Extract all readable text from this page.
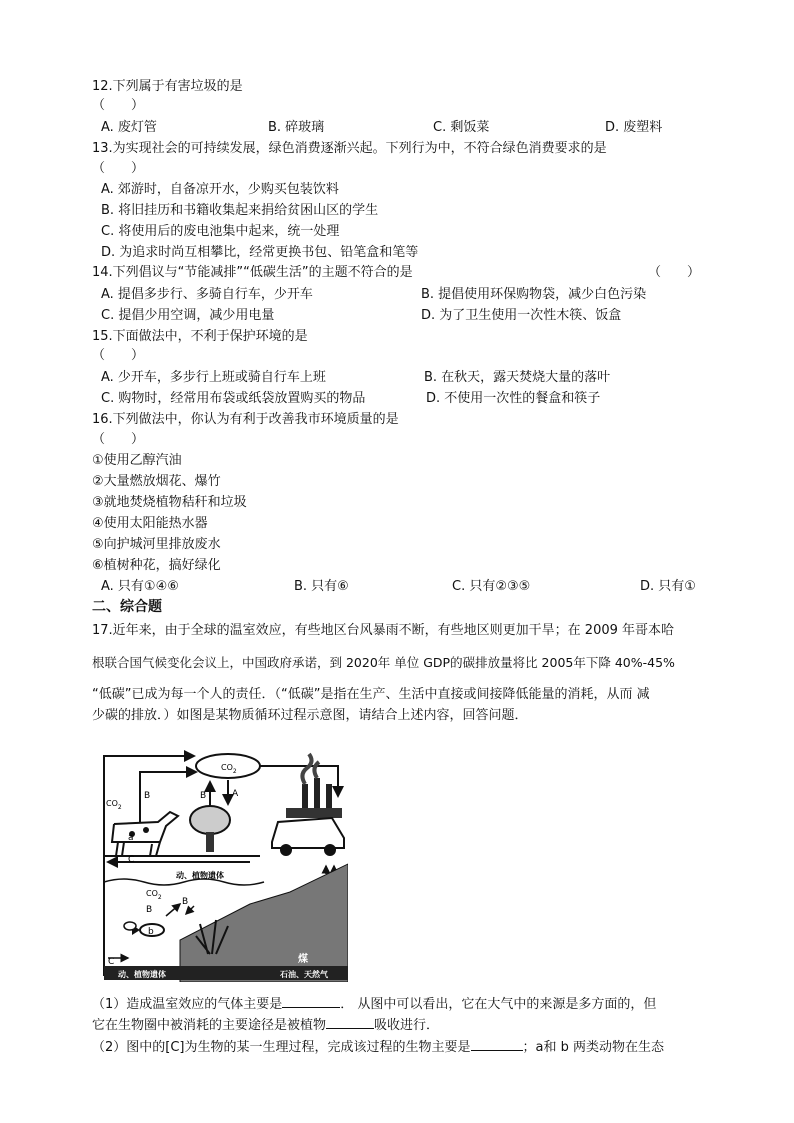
12.下列属于有害垃圾的是
（　　）
A. 废灯管	B. 碎玻璃	C. 剩饭菜	D. 废塑料
13.为实现社会的可持续发展，绿色消费逐渐兴起。下列行为中，不符合绿色消费要求的是
（　　）
A. 郊游时，自备凉开水，少购买包装饮料
B. 将旧挂历和书籍收集起来捐给贫困山区的学生
C. 将使用后的废电池集中起来，统一处理
D. 为追求时尚互相攀比，经常更换书包、铅笔盒和笔等
14.下列倡议与“节能减排”“低碳生活”的主题不符合的是	（　　）
A. 提倡多步行、多骑自行车，少开车	B. 提倡使用环保购物袋，减少白色污染
C. 提倡少用空调，减少用电量	D. 为了卫生使用一次性木筷、饭盒
15.下面做法中，不利于保护环境的是
（　　）
A. 少开车，多步行上班或骑自行车上班	B. 在秋天，露天焚烧大量的落叶
C. 购物时，经常用布袋或纸袋放置购买的物品	D. 不使用一次性的餐盒和筷子
16.下列做法中，你认为有利于改善我市环境质量的是
（　　）
①使用乙醇汽油
②大量燃放烟花、爆竹
③就地焚烧植物秸秆和垃圾
④使用太阳能热水器
⑤向护城河里排放废水
⑥植树种花，搞好绿化
A. 只有①④⑥	B. 只有⑥	C. 只有②③⑤	D. 只有①
二、综合题
17.近年来，由于全球的温室效应，有些地区台风暴雨不断，有些地区则更加干旱；在 2009 年哥本哈
根联合国气候变化会议上，中国政府承诺，到 2020年 单位 GDP的碳排放量将比 2005年下降 40%-45%
“低碳”已成为每一个人的责任．（“低碳”是指在生产、生活中直接或间接降低能量的消耗，从而 减
少碳的排放．）如图是某物质循环过程示意图，请结合上述内容，回答问题．
$CO_2$
$CO_2$
A
B	B
a
C
动、植物遗体
$CO_2$
B
B
b
C	煤
动、植物遗体	石油、天然气
（1）造成温室效应的气体主要是	． 从图中可以看出，它在大气中的来源是多方面的，但
它在生物圈中被消耗的主要途径是被植物	吸收进行．
（2）图中的[C]为生物的某一生理过程，完成该过程的生物主要是	；a和 b 两类动物在生态
